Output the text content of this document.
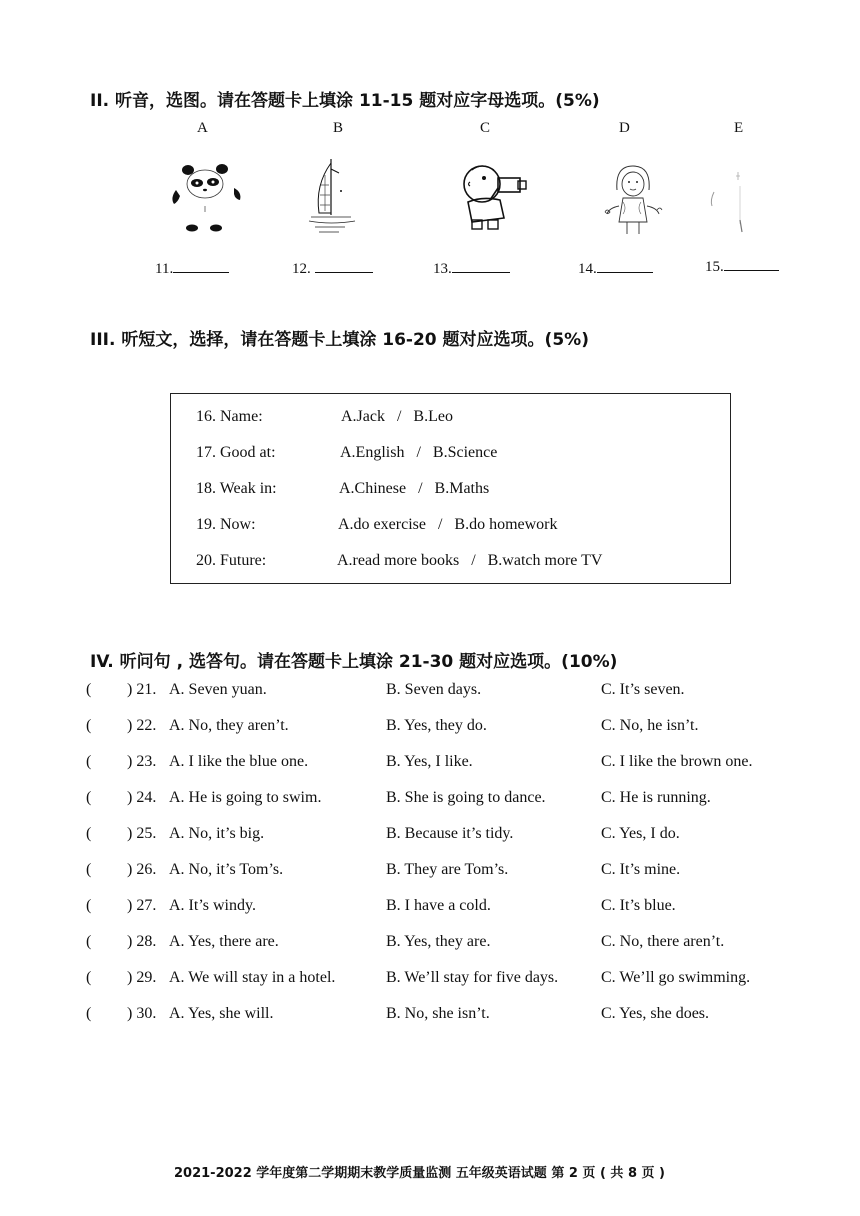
II. 听音，选图。请在答题卡上填涂 11-15 题对应字母选项。(5%)
A	B	C	D	E
11.	12.	13.	14.	15.
III. 听短文，选择，请在答题卡上填涂 16-20 题对应选项。(5%)
16. Name:	A.Jack   /   B.Leo
17. Good at:	A.English   /   B.Science
18. Weak in:	A.Chinese   /   B.Maths
19. Now:	A.do exercise   /   B.do homework
20. Future:	A.read more books   /   B.watch more TV
IV. 听问句 , 选答句。请在答题卡上填涂 21-30 题对应选项。(10%)
( ) 21. A. Seven yuan.	B. Seven days.	C. It’s seven.
( ) 22. A. No, they aren’t.	B. Yes, they do.	C. No, he isn’t.
( ) 23. A. I like the blue one.	B. Yes, I like.	C. I like the brown one.
( ) 24. A. He is going to swim.	B. She is going to dance.	C. He is running.
( ) 25. A. No, it’s big.	B. Because it’s tidy.	C. Yes, I do.
( ) 26. A. No, it’s Tom’s.	B. They are Tom’s.	C. It’s mine.
( ) 27. A. It’s windy.	B. I have a cold.	C. It’s blue.
( ) 28. A. Yes, there are.	B. Yes, they are.	C. No, there aren’t.
( ) 29. A. We will stay in a hotel.	B. We’ll stay for five days.	C. We’ll go swimming.
( ) 30. A. Yes, she will.	B. No, she isn’t.	C. Yes, she does.
2021-2022 学年度第二学期期末教学质量监测 五年级英语试题 第 2 页 ( 共 8 页 )
